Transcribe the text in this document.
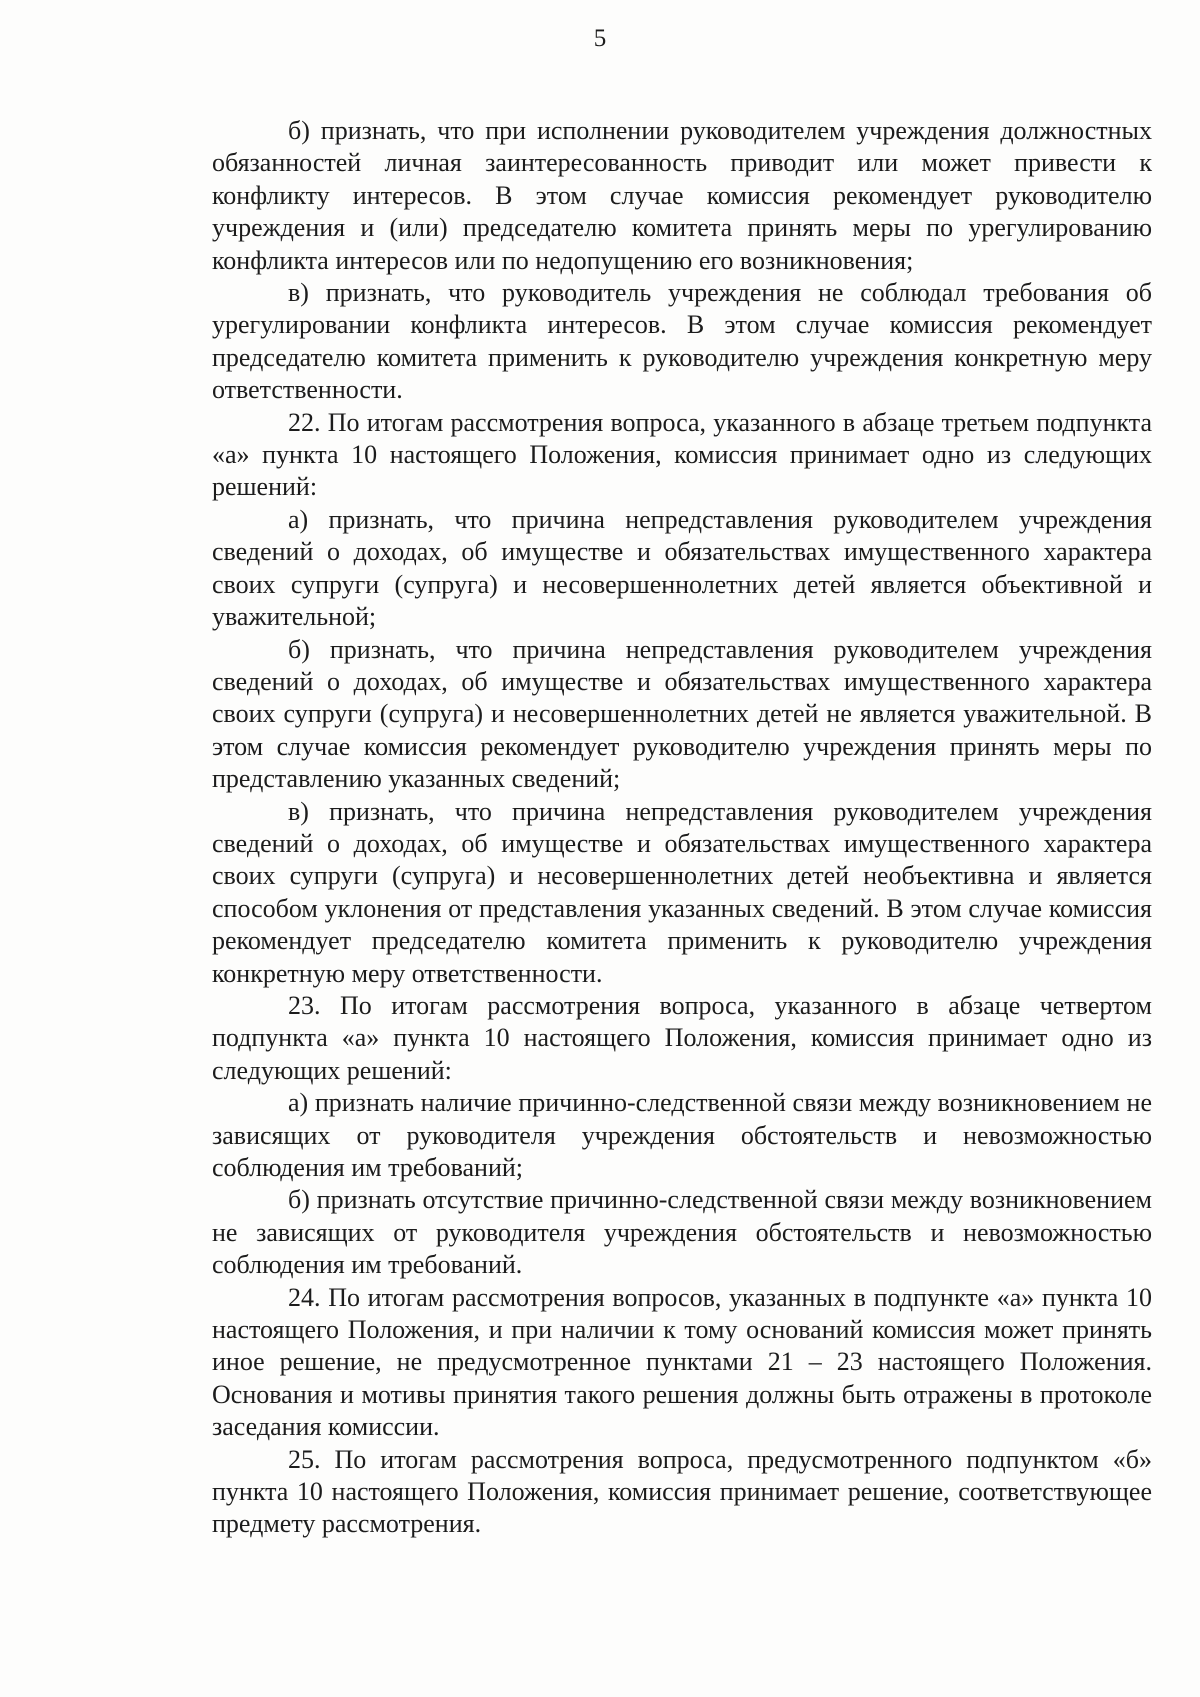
5

б) признать, что при исполнении руководителем учреждения должностных обязанностей личная заинтересованность приводит или может привести к конфликту интересов. В этом случае комиссия рекомендует руководителю учреждения и (или) председателю комитета принять меры по урегулированию конфликта интересов или по недопущению его возникновения;

в) признать, что руководитель учреждения не соблюдал требования об урегулировании конфликта интересов. В этом случае комиссия рекомендует председателю комитета применить к руководителю учреждения конкретную меру ответственности.

22. По итогам рассмотрения вопроса, указанного в абзаце третьем подпункта «а» пункта 10 настоящего Положения, комиссия принимает одно из следующих решений:

а) признать, что причина непредставления руководителем учреждения сведений о доходах, об имуществе и обязательствах имущественного характера своих супруги (супруга) и несовершеннолетних детей является объективной и уважительной;

б) признать, что причина непредставления руководителем учреждения сведений о доходах, об имуществе и обязательствах имущественного характера своих супруги (супруга) и несовершеннолетних детей не является уважительной. В этом случае комиссия рекомендует руководителю учреждения принять меры по представлению указанных сведений;

в) признать, что причина непредставления руководителем учреждения сведений о доходах, об имуществе и обязательствах имущественного характера своих супруги (супруга) и несовершеннолетних детей необъективна и является способом уклонения от представления указанных сведений. В этом случае комиссия рекомендует председателю комитета применить к руководителю учреждения конкретную меру ответственности.

23. По итогам рассмотрения вопроса, указанного в абзаце четвертом подпункта «а» пункта 10 настоящего Положения, комиссия принимает одно из следующих решений:

а) признать наличие причинно-следственной связи между возникновением не зависящих от руководителя учреждения обстоятельств и невозможностью соблюдения им требований;

б) признать отсутствие причинно-следственной связи между возникновением не зависящих от руководителя учреждения обстоятельств и невозможностью соблюдения им требований.

24. По итогам рассмотрения вопросов, указанных в подпункте «а» пункта 10 настоящего Положения, и при наличии к тому оснований комиссия может принять иное решение, не предусмотренное пунктами 21 – 23 настоящего Положения. Основания и мотивы принятия такого решения должны быть отражены в протоколе заседания комиссии.

25. По итогам рассмотрения вопроса, предусмотренного подпунктом «б» пункта 10 настоящего Положения, комиссия принимает решение, соответствующее предмету рассмотрения.
